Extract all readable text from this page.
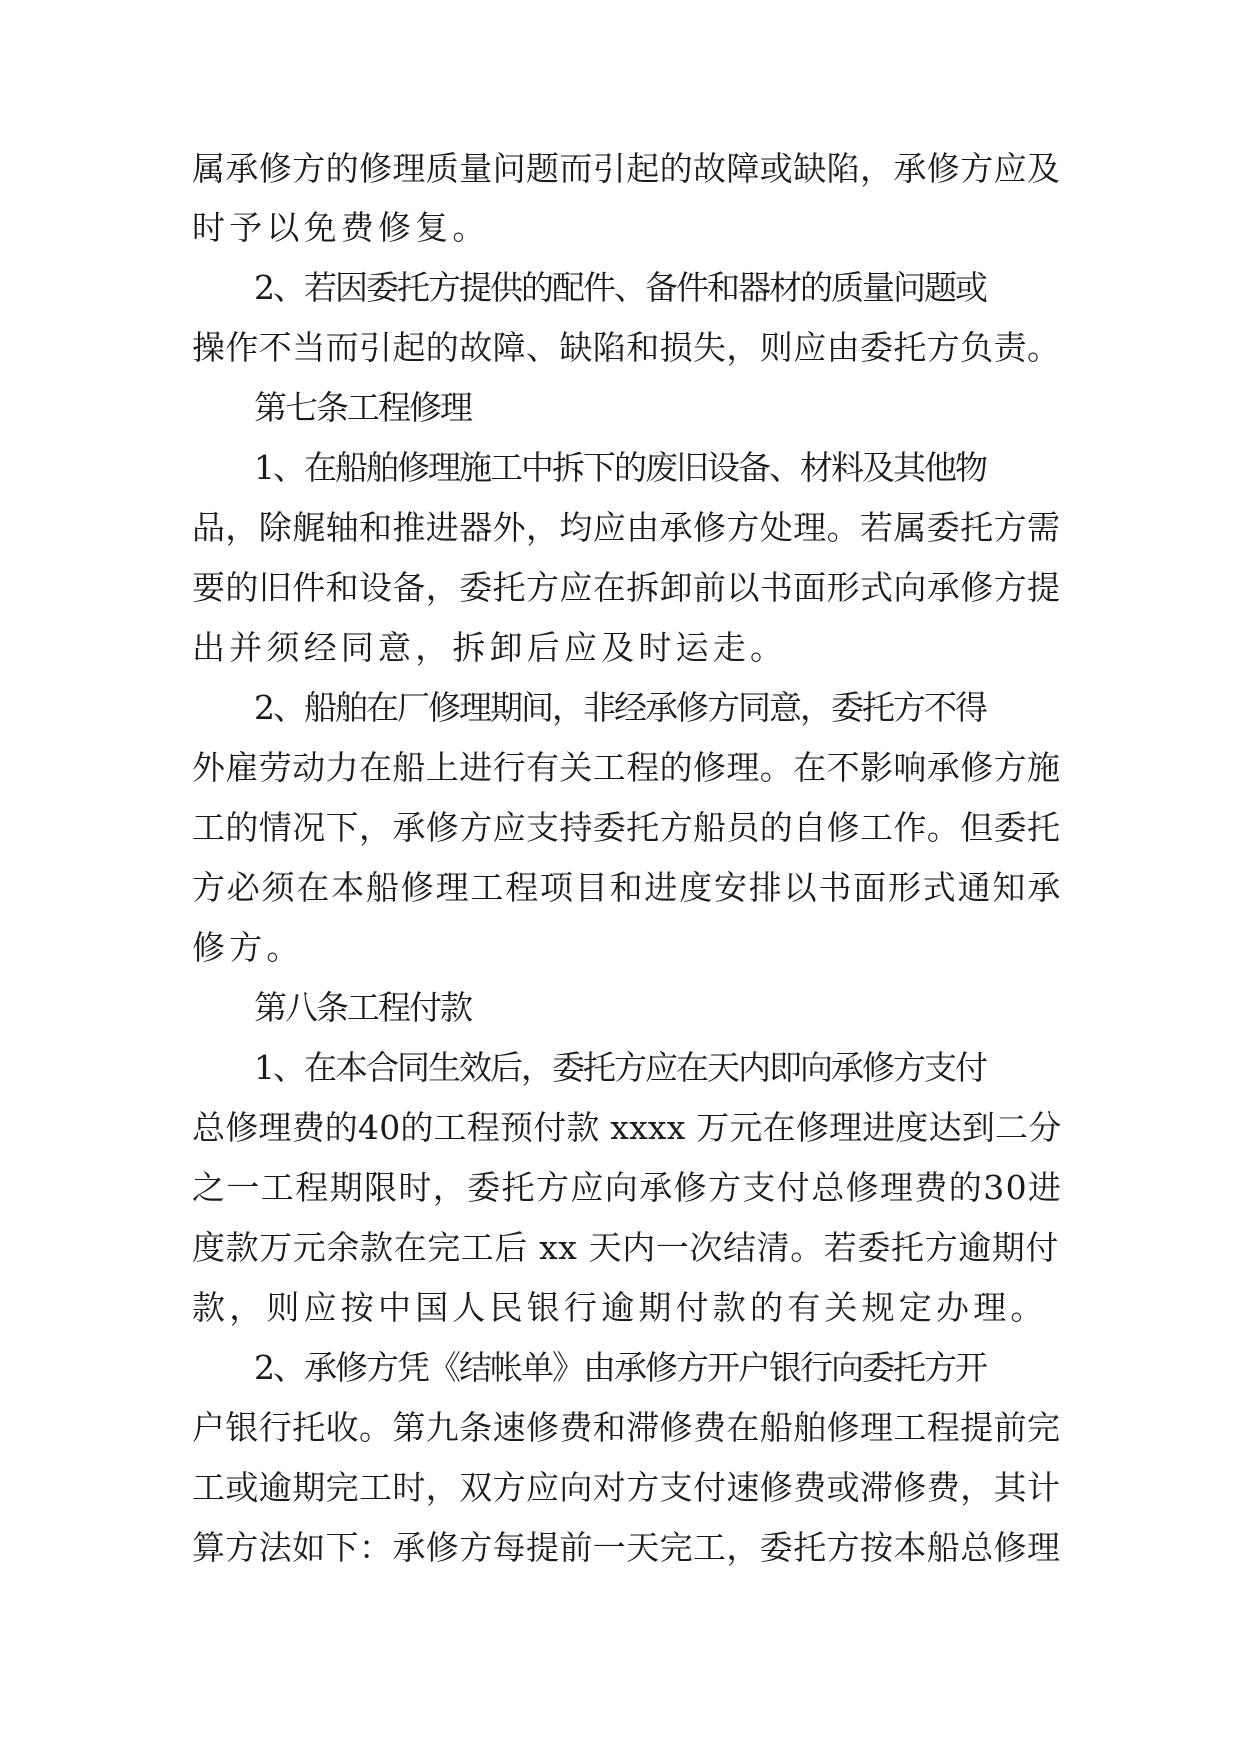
属承修方的修理质量问题而引起的故障或缺陷，承修方应及
时予以免费修复。
2、若因委托方提供的配件、备件和器材的质量问题或
操作不当而引起的故障、缺陷和损失，则应由委托方负责。
第七条工程修理
1、在船舶修理施工中拆下的废旧设备、材料及其他物
品，除艉轴和推进器外，均应由承修方处理。若属委托方需
要的旧件和设备，委托方应在拆卸前以书面形式向承修方提
出并须经同意，拆卸后应及时运走。
2、船舶在厂修理期间，非经承修方同意，委托方不得
外雇劳动力在船上进行有关工程的修理。在不影响承修方施
工的情况下，承修方应支持委托方船员的自修工作。但委托
方必须在本船修理工程项目和进度安排以书面形式通知承
修方。
第八条工程付款
1、在本合同生效后，委托方应在天内即向承修方支付
总修理费的40的工程预付款 xxxx 万元在修理进度达到二分
之一工程期限时，委托方应向承修方支付总修理费的30进
度款万元余款在完工后 xx 天内一次结清。若委托方逾期付
款，则应按中国人民银行逾期付款的有关规定办理。
2、承修方凭《结帐单》由承修方开户银行向委托方开
户银行托收。第九条速修费和滞修费在船舶修理工程提前完
工或逾期完工时，双方应向对方支付速修费或滞修费，其计
算方法如下：承修方每提前一天完工，委托方按本船总修理
